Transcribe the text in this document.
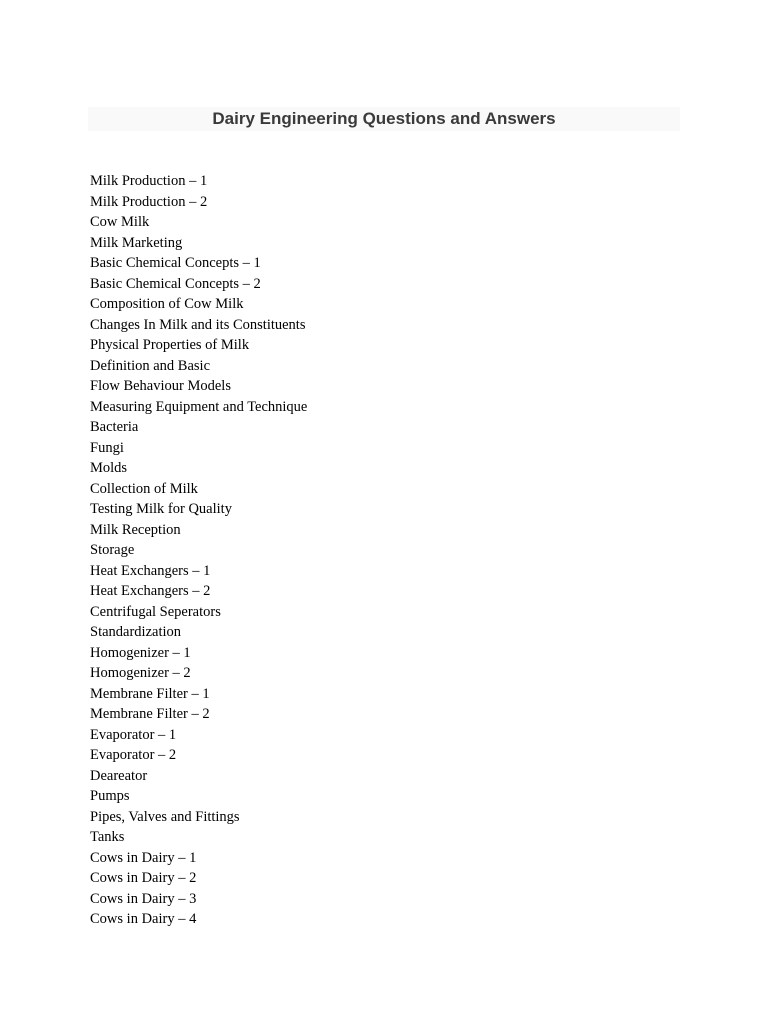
Dairy Engineering Questions and Answers
Milk Production – 1
Milk Production – 2
Cow Milk
Milk Marketing
Basic Chemical Concepts – 1
Basic Chemical Concepts – 2
Composition of Cow Milk
Changes In Milk and its Constituents
Physical Properties of Milk
Definition and Basic
Flow Behaviour Models
Measuring Equipment and Technique
Bacteria
Fungi
Molds
Collection of Milk
Testing Milk for Quality
Milk Reception
Storage
Heat Exchangers – 1
Heat Exchangers – 2
Centrifugal Seperators
Standardization
Homogenizer – 1
Homogenizer – 2
Membrane Filter – 1
Membrane Filter – 2
Evaporator – 1
Evaporator – 2
Deareator
Pumps
Pipes, Valves and Fittings
Tanks
Cows in Dairy – 1
Cows in Dairy – 2
Cows in Dairy – 3
Cows in Dairy – 4
